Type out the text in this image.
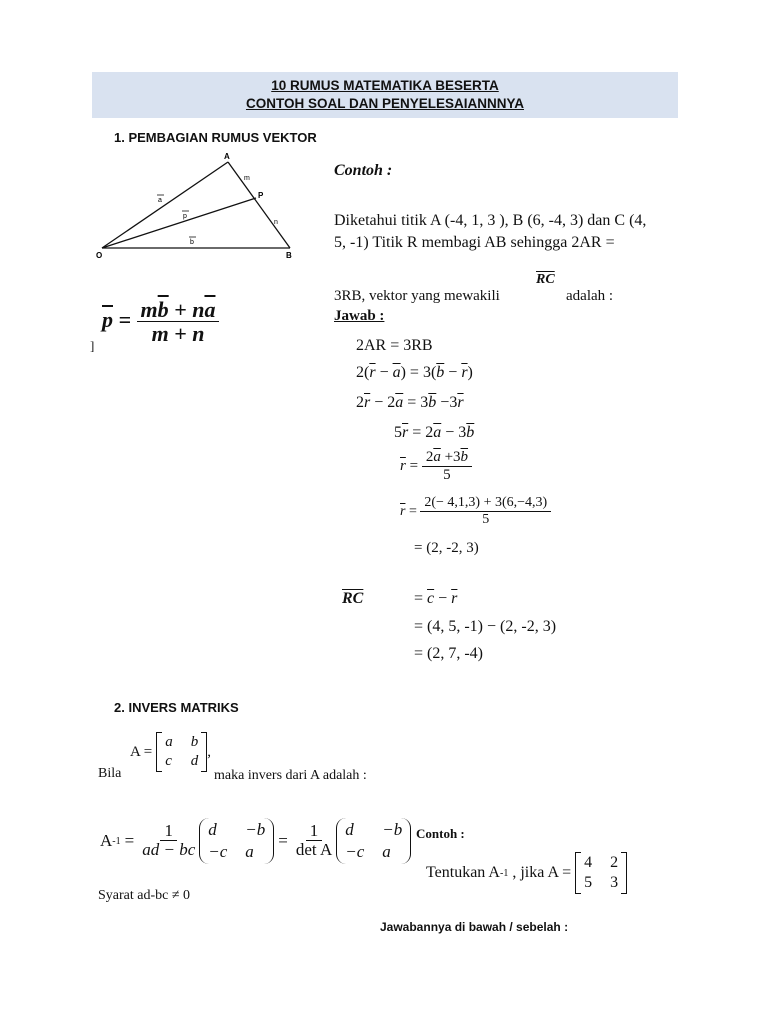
10 RUMUS MATEMATIKA BESERTA
CONTOH SOAL DAN PENYELESAIANNNYA
1. PEMBAGIAN RUMUS VEKTOR
A
O	B
P
m
n
a
b
p
$\overline{p} = \frac{m\overline{b} + n\overline{a}}{m + n}$
]
Contoh :
Diketahui titik A (-4, 1, 3 ), B (6, -4, 3) dan C (4,
5, -1) Titik R membagi AB sehingga 2AR =
$\overline{RC}$
3RB, vektor yang mewakili	adalah :
Jawab :
2AR = 3RB
$2(\overline{r} - \overline{a}) = 3(\overline{b} - \overline{r})$
$2\overline{r} - 2\overline{a} = 3\overline{b} -3\overline{r}$
$5\overline{r} = 2\overline{a} - 3\overline{b}$
$\overline{r} = \frac{2\overline{a} +3\overline{b}}{5}$
$\overline{r} = \frac{2(- 4,1,3) + 3(6,-4,3)}{5}$
= (2, -2, 3)
$\overline{RC}$	= $\overline{c} - \overline{r}$
= (4, 5, -1) − (2, -2, 3)
= (2, 7, -4)
2. INVERS MATRIKS
A =
a b
c d
,
Bila	maka invers dari A adalah :
A $-1 = \frac{1}{ad - bc}$ d	−b
−c a
= $\frac{1}{\text{det A}}$ d	−b
−c a
Syarat ad-bc ≠ 0
Contoh :
Tentukan A -1 , jika A =
4 2
5 3
Jawabannya di bawah / sebelah :
